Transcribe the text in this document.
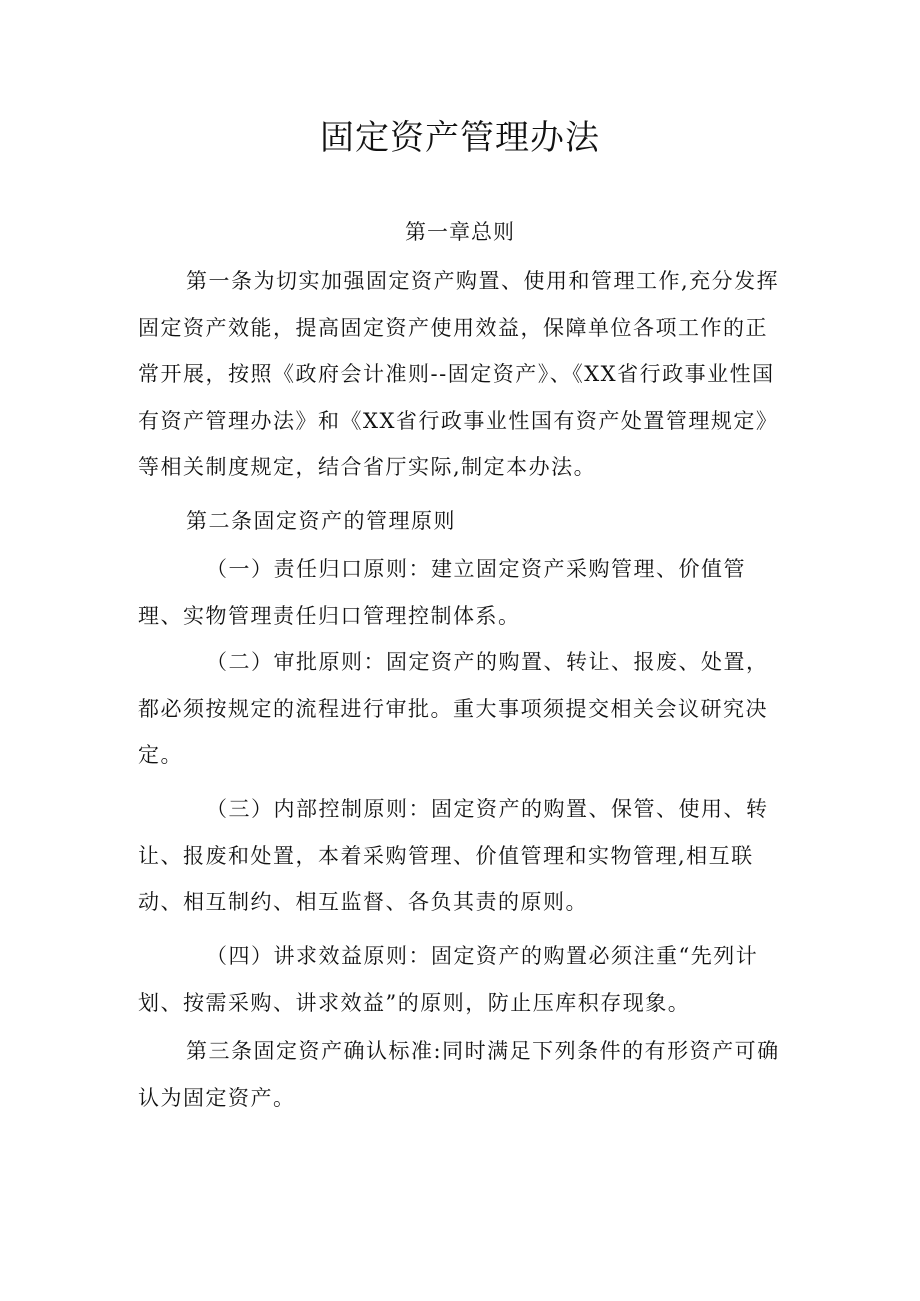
固定资产管理办法
第一章总则

第一条为切实加强固定资产购置、使用和管理工作,充分发挥固定资产效能，提高固定资产使用效益，保障单位各项工作的正常开展，按照《政府会计准则--固定资产》、《XX省行政事业性国有资产管理办法》和《XX省行政事业性国有资产处置管理规定》等相关制度规定，结合省厅实际,制定本办法。

第二条固定资产的管理原则

（一）责任归口原则：建立固定资产采购管理、价值管理、实物管理责任归口管理控制体系。

（二）审批原则：固定资产的购置、转让、报废、处置，都必须按规定的流程进行审批。重大事项须提交相关会议研究决定。

（三）内部控制原则：固定资产的购置、保管、使用、转让、报废和处置，本着采购管理、价值管理和实物管理,相互联动、相互制约、相互监督、各负其责的原则。

（四）讲求效益原则：固定资产的购置必须注重“先列计划、按需采购、讲求效益”的原则，防止压库积存现象。

第三条固定资产确认标准:同时满足下列条件的有形资产可确认为固定资产。
